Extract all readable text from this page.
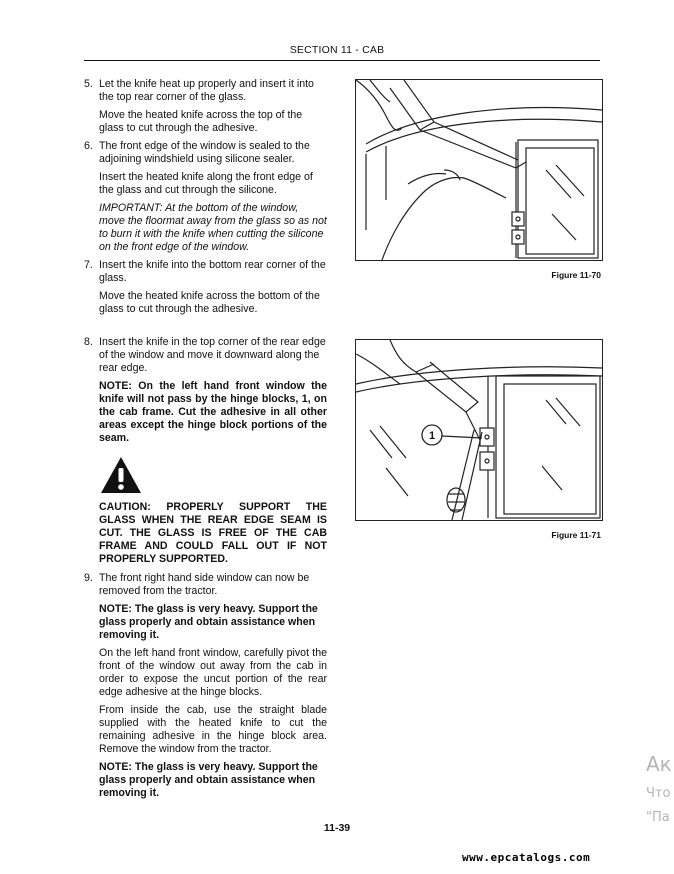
SECTION 11 - CAB
5. Let the knife heat up properly and insert it into the top rear corner of the glass.

Move the heated knife across the top of the glass to cut through the adhesive.

6. The front edge of the window is sealed to the adjoining windshield using silicone sealer.

Insert the heated knife along the front edge of the glass and cut through the silicone.

IMPORTANT: At the bottom of the window, move the floormat away from the glass so as not to burn it with the knife when cutting the silicone on the front edge of the window.

7. Insert the knife into the bottom rear corner of the glass.

Move the heated knife across the bottom of the glass to cut through the adhesive.

8. Insert the knife in the top corner of the rear edge of the window and move it downward along the rear edge.

NOTE: On the left hand front window the knife will not pass by the hinge blocks, 1, on the cab frame. Cut the adhesive in all other areas except the hinge block portions of the seam.

CAUTION: PROPERLY SUPPORT THE GLASS WHEN THE REAR EDGE SEAM IS CUT. THE GLASS IS FREE OF THE CAB FRAME AND COULD FALL OUT IF NOT PROPERLY SUPPORTED.

9. The front right hand side window can now be removed from the tractor.

NOTE: The glass is very heavy. Support the glass properly and obtain assistance when removing it.

On the left hand front window, carefully pivot the front of the window out away from the cab in order to expose the uncut portion of the rear edge adhesive at the hinge blocks.

From inside the cab, use the straight blade supplied with the heated knife to cut the remaining adhesive in the hinge block area. Remove the window from the tractor.

NOTE: The glass is very heavy. Support the glass properly and obtain assistance when removing it.

Figure 11-70
1
Figure 11-71
11-39
www.epcatalogs.com
Ак
Что
"Па
